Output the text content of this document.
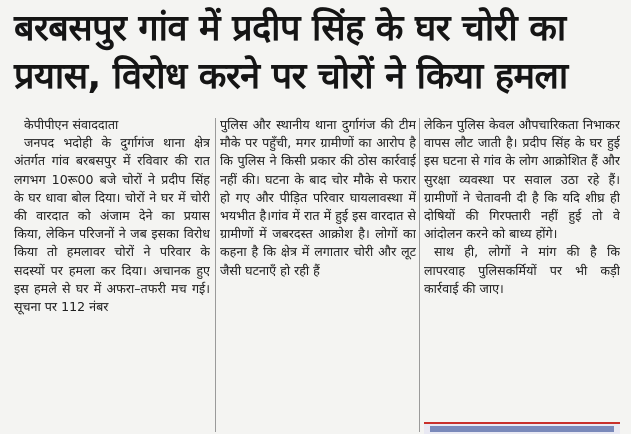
बरबसपुर गांव में प्रदीप सिंह के घर चोरी का
प्रयास, विरोध करने पर चोरों ने किया हमला
केपीपीएन संवाददाता

जनपद भदोही के दुर्गागंज थाना क्षेत्र अंतर्गत गांव बरबसपुर में रविवार की रात लगभग 10रू00 बजे चोरों ने प्रदीप सिंह के घर धावा बोल दिया। चोरों ने घर में चोरी की वारदात को अंजाम देने का प्रयास किया, लेकिन परिजनों ने जब इसका विरोध किया तो हमलावर चोरों ने परिवार के सदस्यों पर हमला कर दिया। अचानक हुए इस हमले से घर में अफरा–तफरी मच गई।सूचना पर 112 नंबर

पुलिस और स्थानीय थाना दुर्गागंज की टीम मौके पर पहुँची, मगर ग्रामीणों का आरोप है कि पुलिस ने किसी प्रकार की ठोस कार्रवाई नहीं की। घटना के बाद चोर मौके से फरार हो गए और पीड़ित परिवार घायलावस्था में भयभीत है।गांव में रात में हुई इस वारदात से ग्रामीणों में जबरदस्त आक्रोश है। लोगों का कहना है कि क्षेत्र में लगातार चोरी और लूट जैसी घटनाएँ हो रही हैं

लेकिन पुलिस केवल औपचारिकता निभाकर वापस लौट जाती है। प्रदीप सिंह के घर हुई इस घटना से गांव के लोग आक्रोशित हैं और सुरक्षा व्यवस्था पर सवाल उठा रहे हैं।ग्रामीणों ने चेतावनी दी है कि यदि शीघ्र ही दोषियों की गिरफ्तारी नहीं हुई तो वे आंदोलन करने को बाध्य होंगे।

साथ ही, लोगों ने मांग की है कि लापरवाह पुलिसकर्मियों पर भी कड़ी कार्रवाई की जाए।
